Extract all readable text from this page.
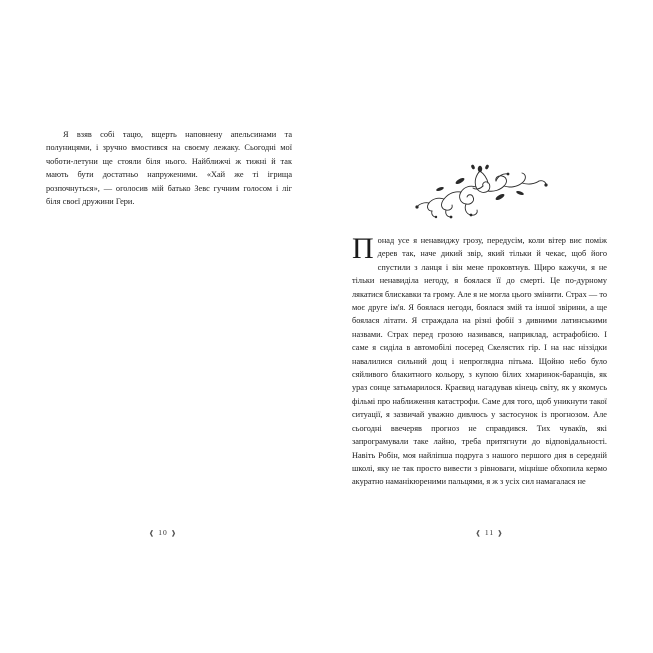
Я взяв собі тацю, вщерть наповнену апельсинами та полуницями, і зручно вмостився на своєму лежаку. Сьогодні мої чоботи-летуни ще стояли біля нього. Найближчі ж тижні й так мають бути достатньо напруженими. «Хай же ті ігрища розпочнуться», — оголосив мій батько Зевс гучним голосом і ліг біля своєї дружини Гери.

❰ 10 ❱

Понад усе я ненавиджу грозу, передусім, коли вітер виє поміж дерев так, наче дикий звір, який тільки й чекає, щоб його спустили з ланця і він мене проковтнув. Щиро кажучи, я не тільки ненавиділа негоду, я боялася її до смерті. Це по-дурному лякатися блискавки та грому. Але я не могла цього змінити. Страх — то моє друге ім'я. Я боялася негоди, боялася змій та іншої звірини, а ще боялася літати. Я страждала на різні фобії з дивними латинськими назвами. Страх перед грозою називався, наприклад, астрафобією. І саме я сиділа в автомобілі посеред Скелястих гір. І на нас ніззідки навалилися сильний дощ і непроглядна пітьма. Щойно небо було сяйливого блакитного кольору, з купою білих хмаринок-баранців, як ураз сонце затьмарилося. Краєвид нагадував кінець світу, як у якомусь фільмі про наближення катастрофи. Саме для того, щоб уникнути такої ситуації, я зазвичай уважно дивлюсь у застосунок із прогнозом. Але сьогодні ввечеряв прогноз не справдився. Тих чувакїв, які запрограмували таке лайно, треба притягнути до відповідальності. Навіть Робін, моя найліпша подруга з нашого першого дня в середній школі, яку не так просто вивести з рівноваги, міцніше обхопила кермо акуратно наманікюреними пальцями, я ж з усіх сил намагалася не

❰ 11 ❱
